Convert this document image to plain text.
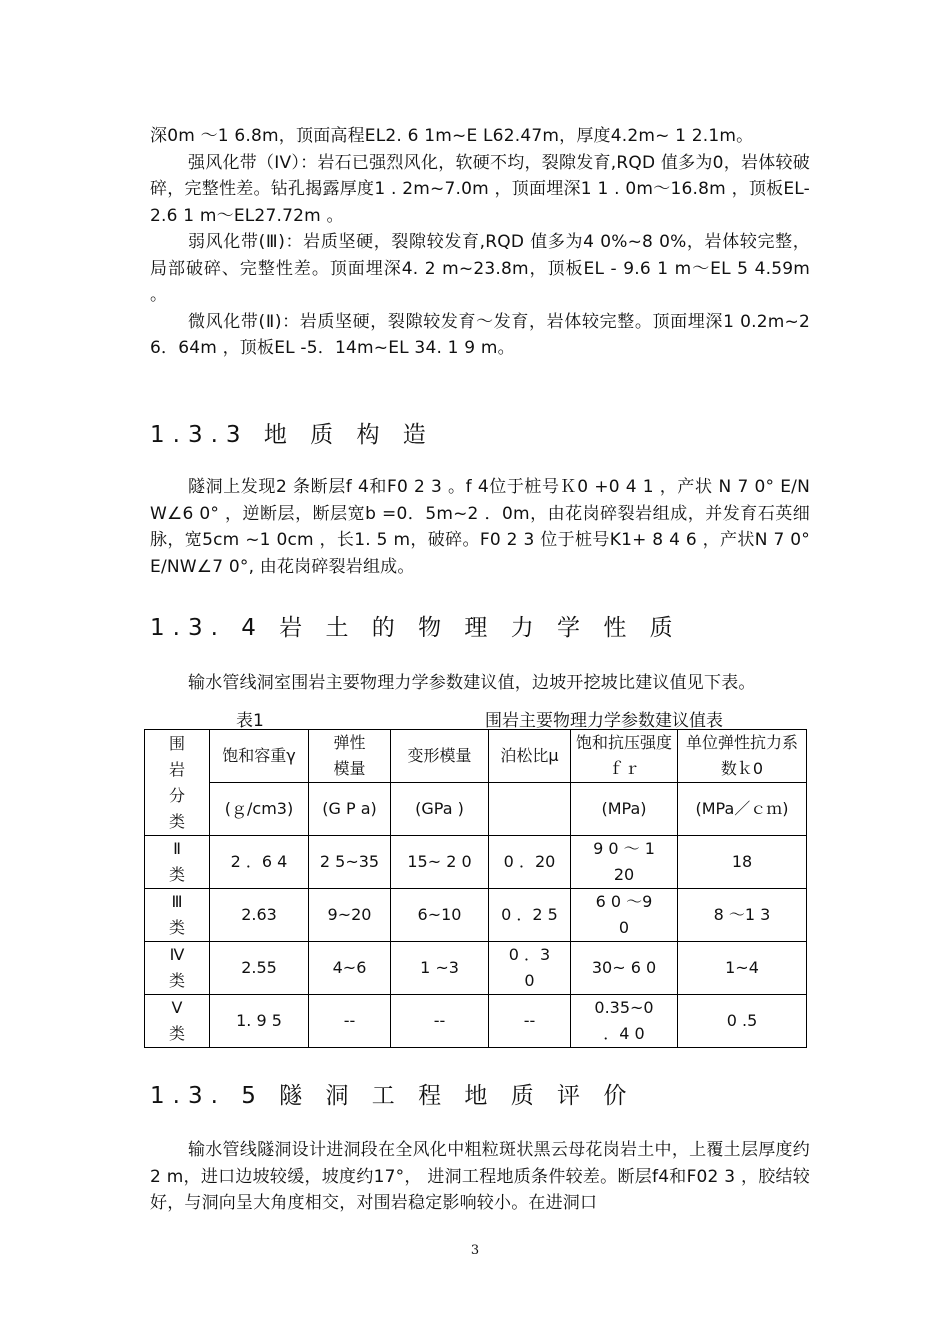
深0m ～1 6.8m，顶面高程EL2. 6 1m~E L62.47m，厚度4.2m~ 1 2.1m。

强风化带（IV）：岩石已强烈风化，软硬不均，裂隙发育,RQD 值多为0，岩体较破碎，完整性差。钻孔揭露厚度1 . 2m~7.0m ，顶面埋深1 1 . 0m～16.8m ，顶板EL- 2.6 1 m～EL27.72m 。

弱风化带(Ⅲ)：岩质坚硬，裂隙较发育,RQD 值多为4 0%~8 0%，岩体较完整，局部破碎、完整性差。顶面埋深4. 2 m~23.8m，顶板EL - 9.6 1 m～EL 5 4.59m 。

微风化带(Ⅱ)：岩质坚硬，裂隙较发育～发育，岩体较完整。顶面埋深1 0.2m~26．64m ，顶板EL -5．14m~EL 34. 1 9 m。

1.3.3 地 质 构 造

隧洞上发现2 条断层f 4和F0 2 3 。f 4位于桩号Ｋ0 +0 4 1 ，产状 N 7 0° E/NW∠6 0° ，逆断层，断层宽b =0．5m~2 ．0m，由花岗碎裂岩组成，并发育石英细脉，宽5cm ~1 0cm ，长1. 5 m，破碎。F0 2 3 位于桩号K1+ 8 4 6 ，产状N 7 0°E/NW∠7 0°, 由花岗碎裂岩组成。

1.3. 4 岩 土 的 物 理 力 学 性 质

输水管线洞室围岩主要物理力学参数建议值，边坡开挖坡比建议值见下表。

表1	围岩主要物理力学参数建议值表
围岩分类	饱和容重γ	弹性模量	变形模量	泊松比μ	饱和抗压强度ｆｒ	单位弹性抗力系数ｋ0
	(ｇ/cm3)	(G P a)	(GPa )		(MPa)	(MPa／ｃｍ)
Ⅱ类	2 ．6 4	2 5~35	15~ 2 0	0 ．20	9 0 ～ 120	18
Ⅲ类	2.63	9~20	6~10	0 ．2 5	6 0 ～9 0	8 ～1 3
Ⅳ类	2.55	4~6	1 ~3	0 ．3 0	30~ 6 0	1~4
Ⅴ类	1. 9 5	--	--	--	0.35~0 ．4 0	0 .5
1.3. 5 隧 洞 工 程 地 质 评 价

输水管线隧洞设计进洞段在全风化中粗粒斑状黑云母花岗岩土中，上覆土层厚度约2 m，进口边坡较缓，坡度约17°， 进洞工程地质条件较差。断层f4和F02 3 ，胶结较好，与洞向呈大角度相交，对围岩稳定影响较小。在进洞口

3
